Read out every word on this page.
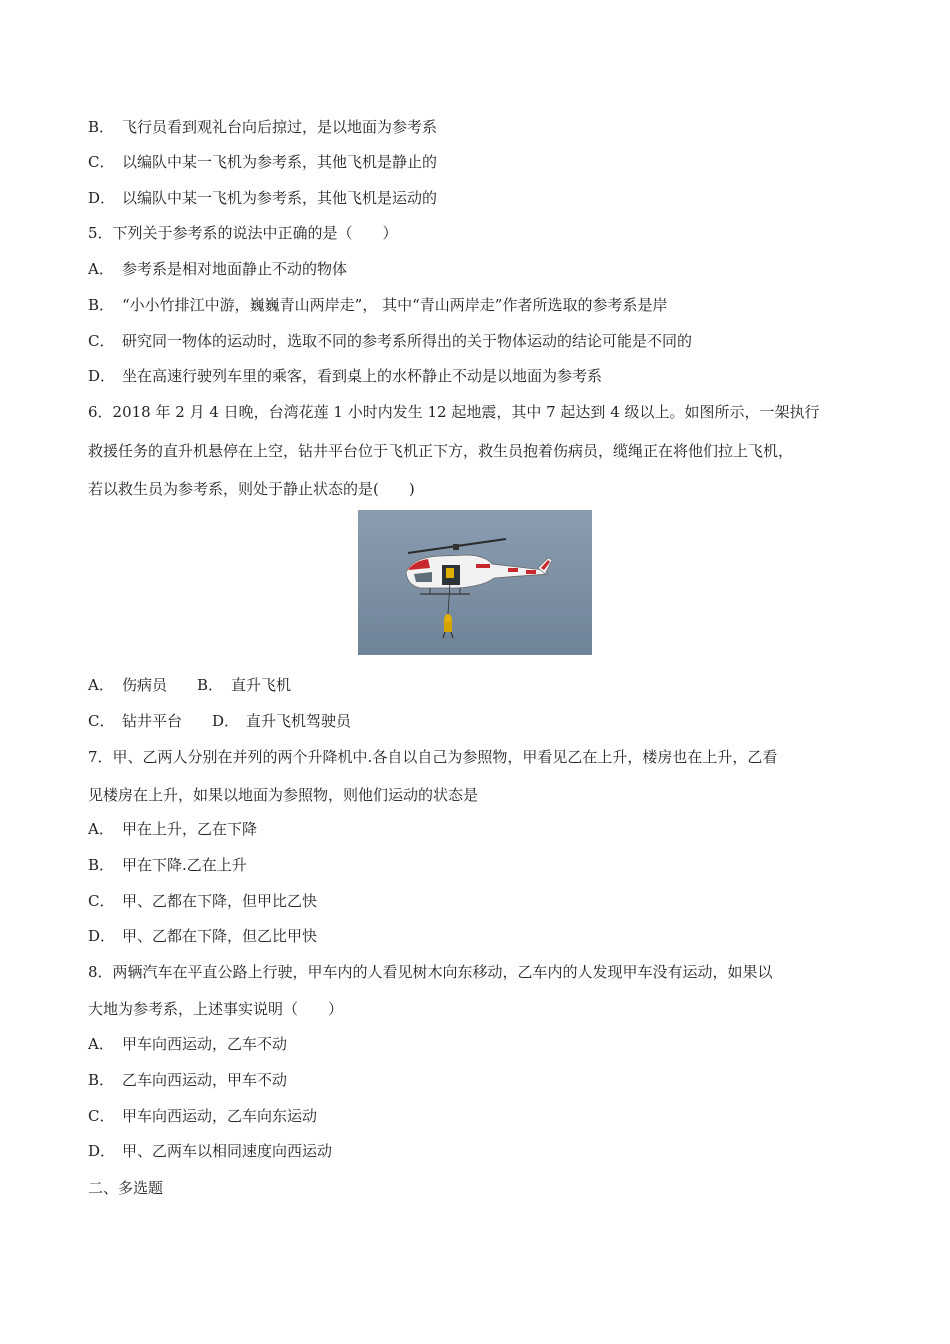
B． 飞行员看到观礼台向后掠过，是以地面为参考系
C． 以编队中某一飞机为参考系，其他飞机是静止的
D． 以编队中某一飞机为参考系，其他飞机是运动的
5．下列关于参考系的说法中正确的是（　　）
A． 参考系是相对地面静止不动的物体
B． “小小竹排江中游，巍巍青山两岸走”， 其中“青山两岸走”作者所选取的参考系是岸
C． 研究同一物体的运动时，选取不同的参考系所得出的关于物体运动的结论可能是不同的
D． 坐在高速行驶列车里的乘客，看到桌上的水杯静止不动是以地面为参考系
6．2018 年 2 月 4 日晚，台湾花莲 1 小时内发生 12 起地震，其中 7 起达到 4 级以上。如图所示，一架执行
救援任务的直升机悬停在上空，钻井平台位于飞机正下方，救生员抱着伤病员，缆绳正在将他们拉上飞机，
若以救生员为参考系，则处于静止状态的是(　　)
A． 伤病员 B． 直升飞机
C． 钻井平台 D． 直升飞机驾驶员
7．甲、乙两人分别在并列的两个升降机中.各自以自己为参照物，甲看见乙在上升，楼房也在上升，乙看
见楼房在上升，如果以地面为参照物，则他们运动的状态是
A． 甲在上升，乙在下降
B． 甲在下降.乙在上升
C． 甲、乙都在下降，但甲比乙快
D． 甲、乙都在下降，但乙比甲快
8．两辆汽车在平直公路上行驶，甲车内的人看见树木向东移动，乙车内的人发现甲车没有运动，如果以
大地为参考系，上述事实说明（　　）
A． 甲车向西运动，乙车不动
B． 乙车向西运动，甲车不动
C． 甲车向西运动，乙车向东运动
D． 甲、乙两车以相同速度向西运动
二、多选题
